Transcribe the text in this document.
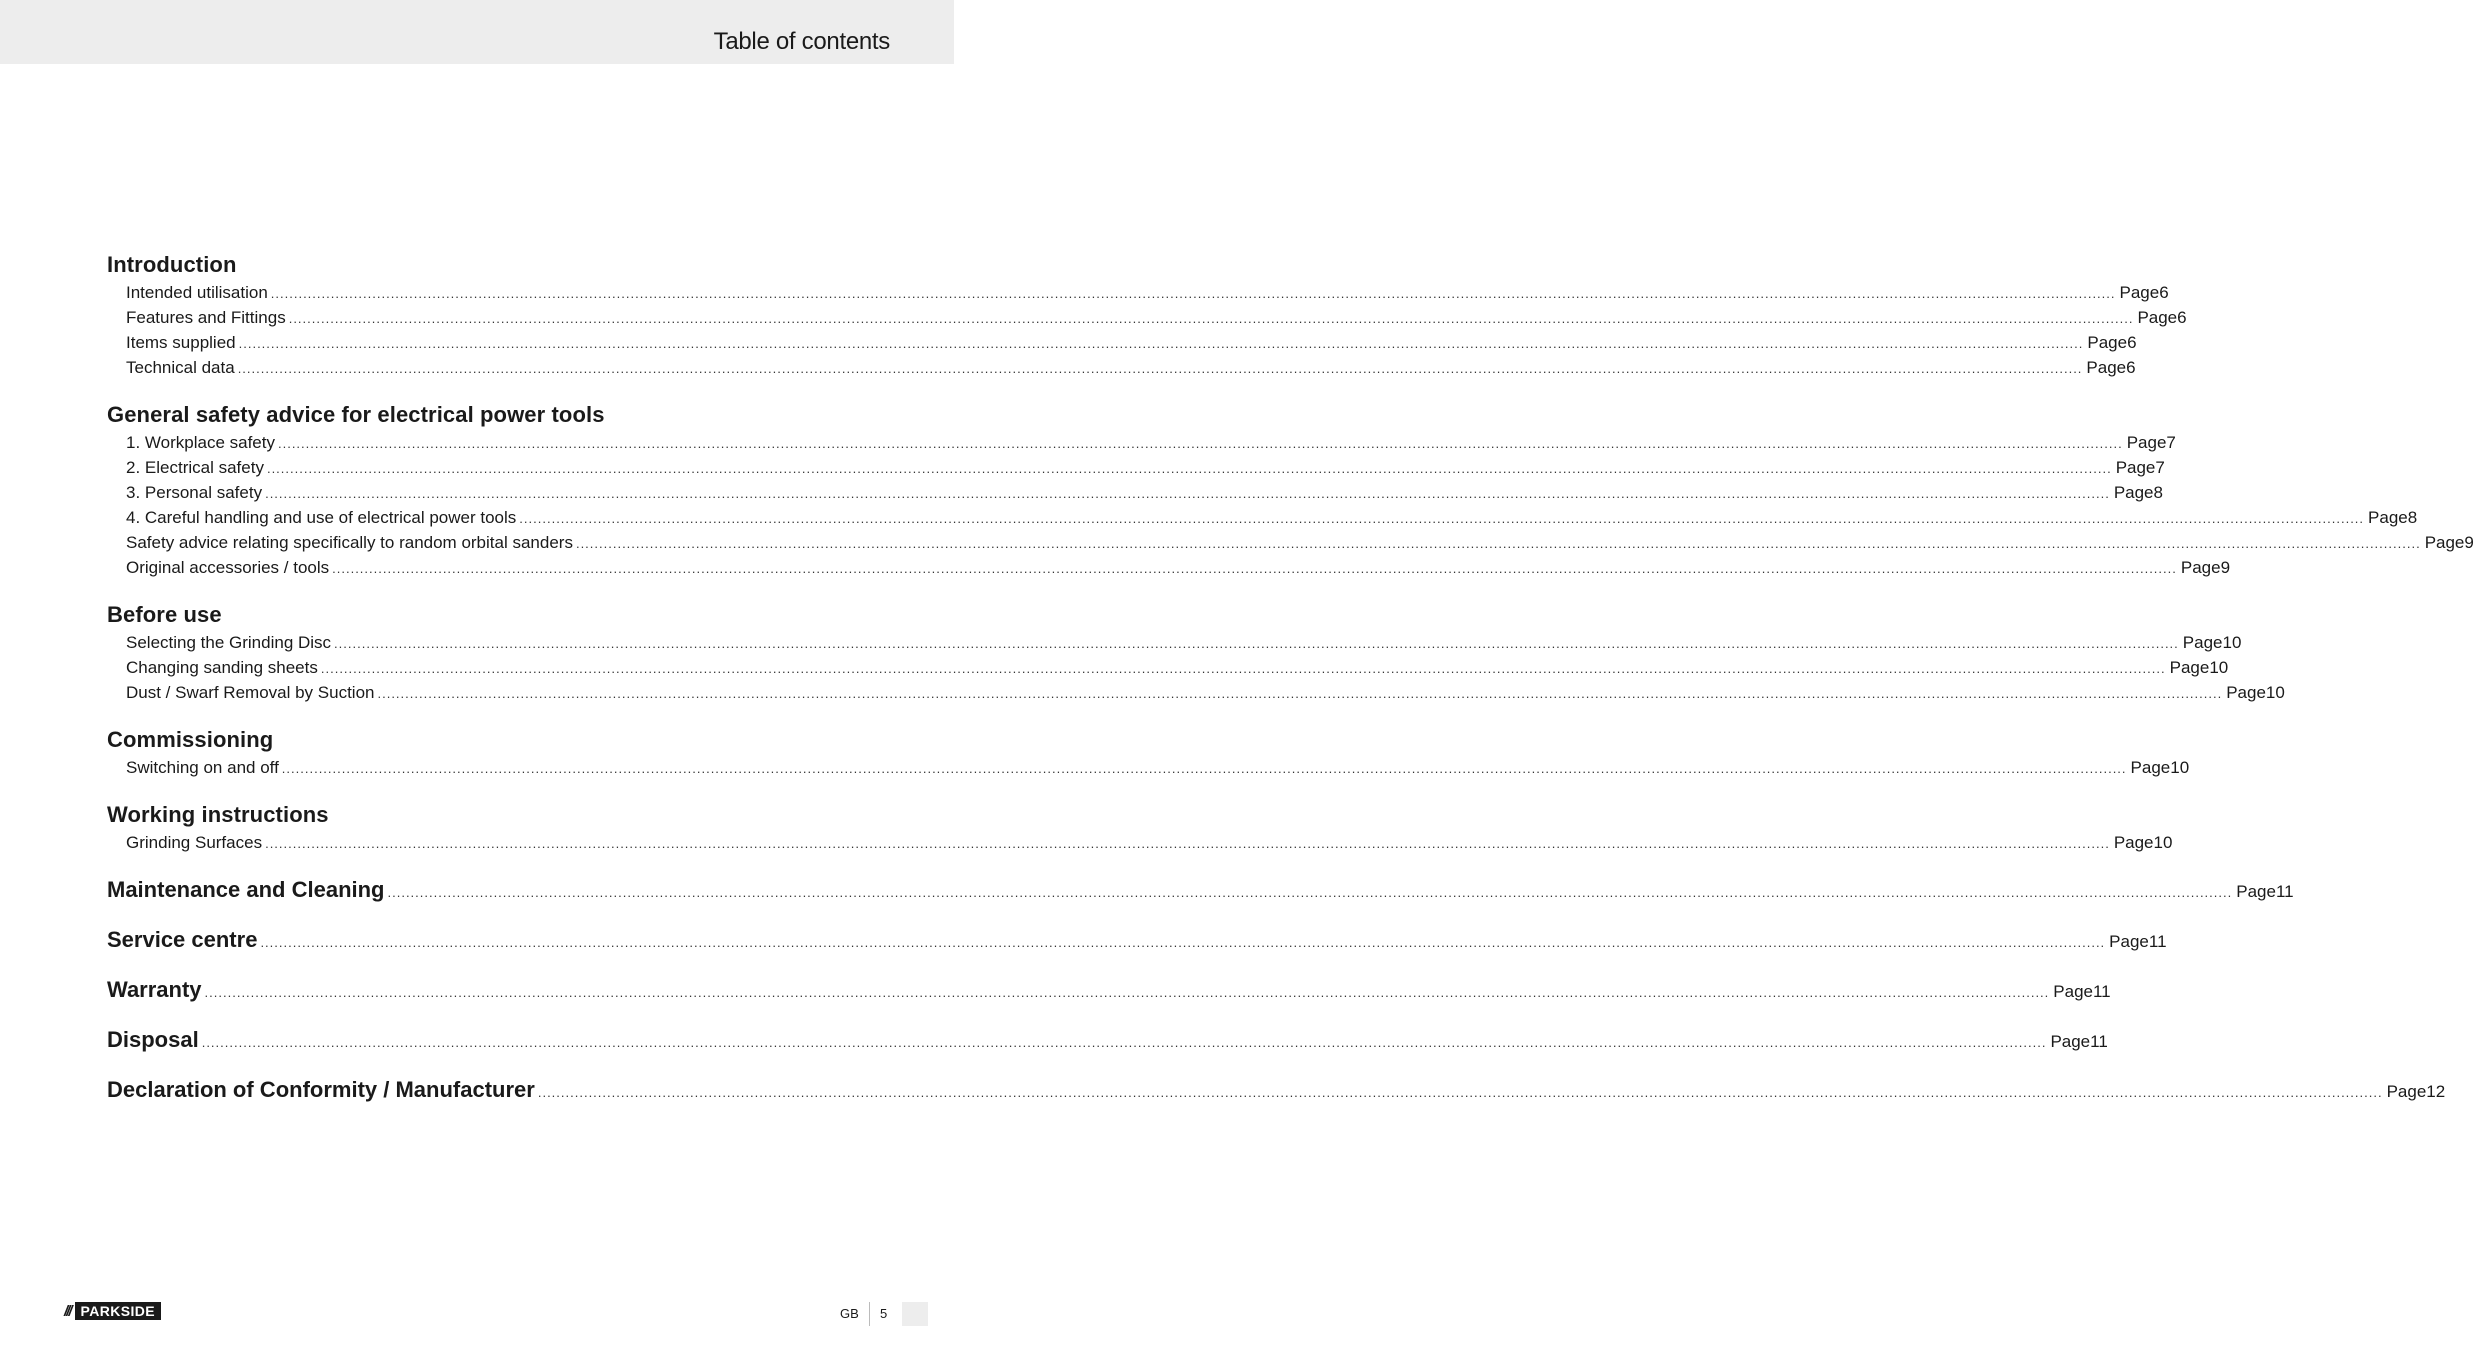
Table of contents
Introduction
Intended utilisation ................................................................................................................................................................................................................................................................................................................................................................................................................ Page 6
Features and Fittings ................................................................................................................................................................................................................................................................................................................................................................................................................ Page 6
Items supplied ................................................................................................................................................................................................................................................................................................................................................................................................................ Page 6
Technical data ................................................................................................................................................................................................................................................................................................................................................................................................................ Page 6
General safety advice for electrical power tools
1. Workplace safety ................................................................................................................................................................................................................................................................................................................................................................................................................ Page 7
2. Electrical safety ................................................................................................................................................................................................................................................................................................................................................................................................................ Page 7
3. Personal safety ................................................................................................................................................................................................................................................................................................................................................................................................................ Page 8
4. Careful handling and use of electrical power tools ................................................................................................................................................................................................................................................................................................................................................................................................................ Page 8
Safety advice relating specifically to random orbital sanders ................................................................................................................................................................................................................................................................................................................................................................................................................ Page 9
Original accessories / tools ................................................................................................................................................................................................................................................................................................................................................................................................................ Page 9
Before use
Selecting the Grinding Disc ................................................................................................................................................................................................................................................................................................................................................................................................................ Page 10
Changing sanding sheets ................................................................................................................................................................................................................................................................................................................................................................................................................ Page 10
Dust / Swarf Removal by Suction ................................................................................................................................................................................................................................................................................................................................................................................................................ Page 10
Commissioning
Switching on and off ................................................................................................................................................................................................................................................................................................................................................................................................................ Page 10
Working instructions
Grinding Surfaces ................................................................................................................................................................................................................................................................................................................................................................................................................ Page 10
Maintenance and Cleaning ................................................................................................................................................................................................................................................................................................................................................................................................................ Page 11
Service centre ................................................................................................................................................................................................................................................................................................................................................................................................................ Page 11
Warranty ................................................................................................................................................................................................................................................................................................................................................................................................................ Page 11
Disposal ................................................................................................................................................................................................................................................................................................................................................................................................................ Page 11
Declaration of Conformity / Manufacturer ................................................................................................................................................................................................................................................................................................................................................................................................................ Page 12
/// PARKSIDE	GB 5
